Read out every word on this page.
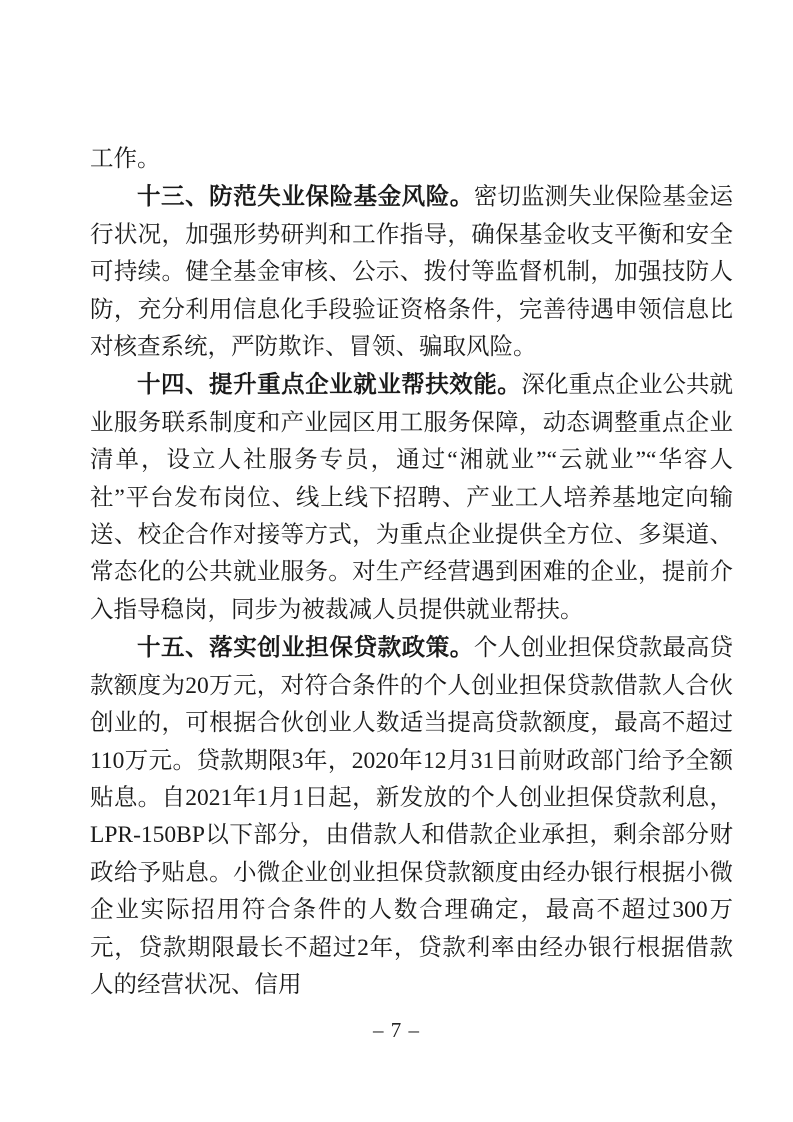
工作。

十三、防范失业保险基金风险。密切监测失业保险基金运行状况，加强形势研判和工作指导，确保基金收支平衡和安全可持续。健全基金审核、公示、拨付等监督机制，加强技防人防，充分利用信息化手段验证资格条件，完善待遇申领信息比对核查系统，严防欺诈、冒领、骗取风险。

十四、提升重点企业就业帮扶效能。深化重点企业公共就业服务联系制度和产业园区用工服务保障，动态调整重点企业清单，设立人社服务专员，通过“湘就业”“云就业”“华容人社”平台发布岗位、线上线下招聘、产业工人培养基地定向输送、校企合作对接等方式，为重点企业提供全方位、多渠道、常态化的公共就业服务。对生产经营遇到困难的企业，提前介入指导稳岗，同步为被裁减人员提供就业帮扶。

十五、落实创业担保贷款政策。个人创业担保贷款最高贷款额度为20万元，对符合条件的个人创业担保贷款借款人合伙创业的，可根据合伙创业人数适当提高贷款额度，最高不超过110万元。贷款期限3年，2020年12月31日前财政部门给予全额贴息。自2021年1月1日起，新发放的个人创业担保贷款利息，LPR-150BP以下部分，由借款人和借款企业承担，剩余部分财政给予贴息。小微企业创业担保贷款额度由经办银行根据小微企业实际招用符合条件的人数合理确定，最高不超过300万元，贷款期限最长不超过2年，贷款利率由经办银行根据借款人的经营状况、信用

– 7 –
